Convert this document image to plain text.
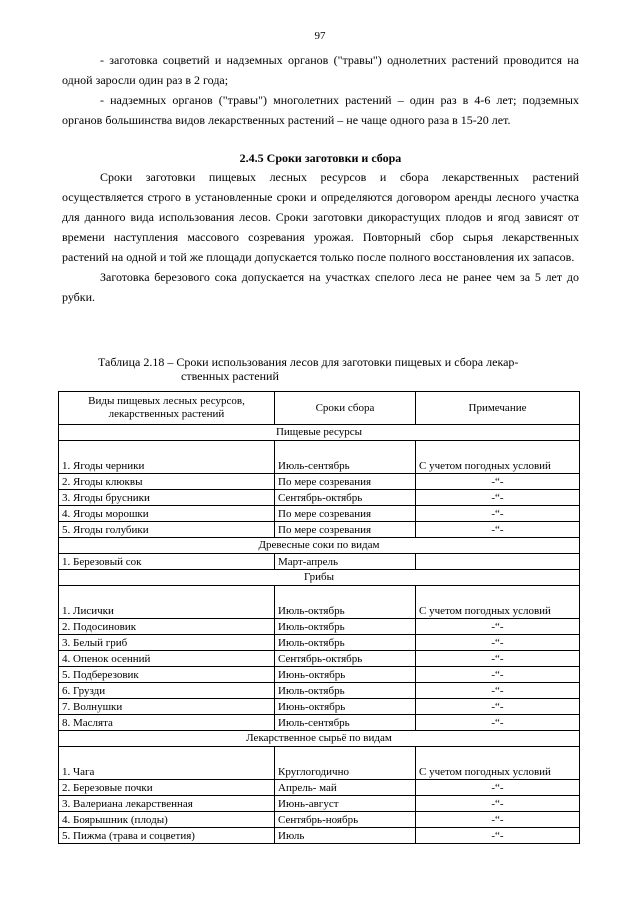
97

- заготовка соцветий и надземных органов ("травы") однолетних растений проводится на одной заросли один раз в 2 года;

- надземных органов ("травы") многолетних растений – один раз в 4-6 лет; подземных органов большинства видов лекарственных растений – не чаще одного раза в 15-20 лет.

2.4.5 Сроки заготовки и сбора

Сроки заготовки пищевых лесных ресурсов и сбора лекарственных растений осуществляется строго в установленные сроки и определяются договором аренды лесного участка для данного вида использования лесов. Сроки заготовки дикорастущих плодов и ягод зависят от времени наступления массового созревания урожая. Повторный сбор сырья лекарственных растений на одной и той же площади допускается только после полного восстановления их запасов.

Заготовка березового сока допускается на участках спелого леса не ранее чем за 5 лет до рубки.

Таблица 2.18 – Сроки использования лесов для заготовки пищевых и сбора лекар-
ственных растений
Виды пищевых лесных ресурсов, лекарственных растений	Сроки сбора	Примечание
Пищевые ресурсы		
1. Ягоды черники	Июль-сентябрь	С учетом погодных условий
2. Ягоды клюквы	По мере созревания	-“-
3. Ягоды брусники	Сентябрь-октябрь	-“-
4. Ягоды морошки	По мере созревания	-“-
5. Ягоды голубики	По мере созревания	-“-
Древесные соки по видам		
1. Березовый сок	Март-апрель	
Грибы		
1. Лисички	Июль-октябрь	С учетом погодных условий
2. Подосиновик	Июль-октябрь	-“-
3. Белый гриб	Июль-октябрь	-“-
4. Опенок осенний	Сентябрь-октябрь	-“-
5. Подберезовик	Июнь-октябрь	-“-
6. Грузди	Июль-октябрь	-“-
7. Волнушки	Июнь-октябрь	-“-
8. Маслята	Июль-сентябрь	-“-
Лекарственное сырьё по видам		
1. Чага	Круглогодично	С учетом погодных условий
2. Березовые почки	Апрель- май	-“-
3. Валериана лекарственная	Июнь-август	-“-
4. Боярышник (плоды)	Сентябрь-ноябрь	-“-
5. Пижма (трава и соцветия)	Июль	-“-
